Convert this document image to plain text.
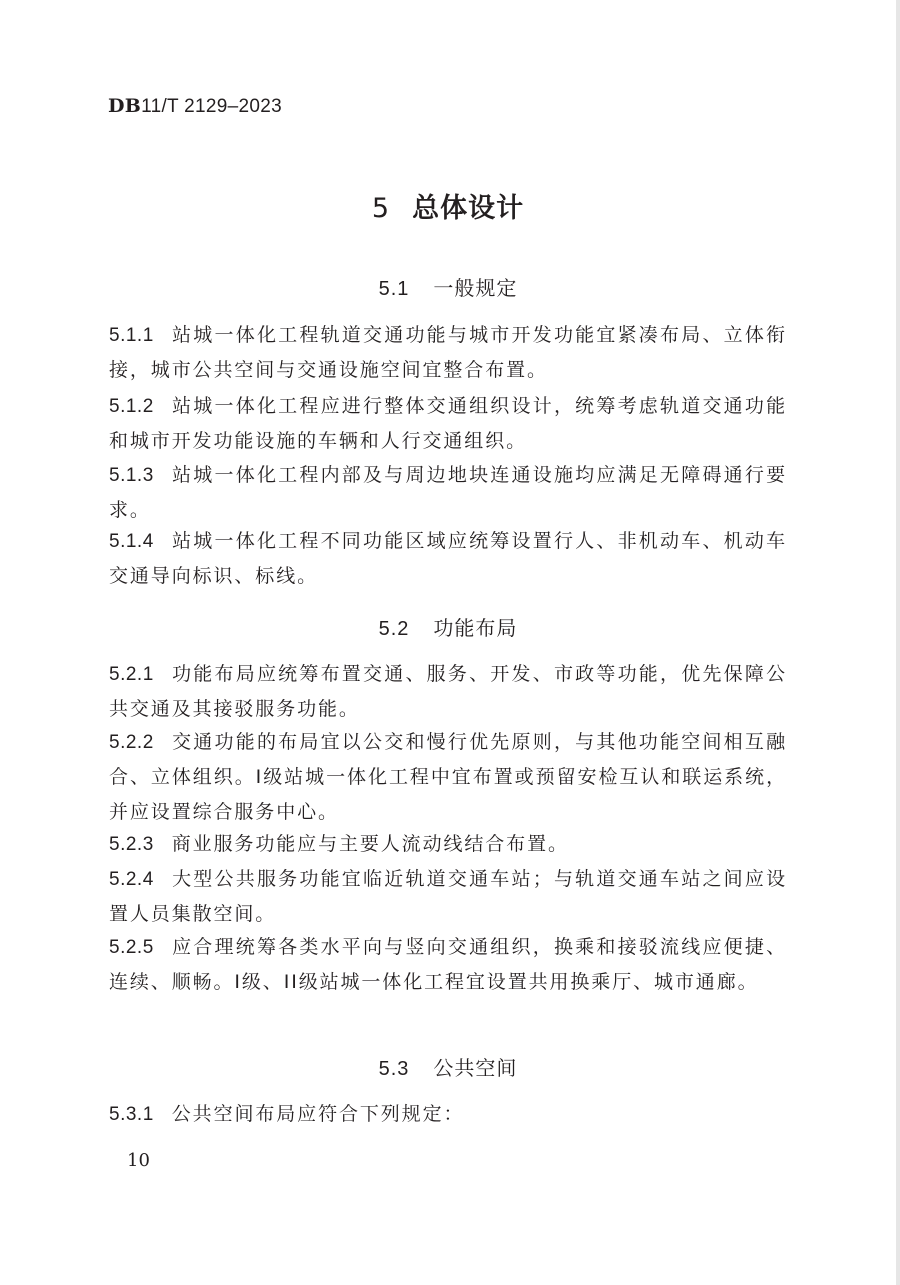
DB11/T 2129–2023
5 总体设计
5.1 一般规定
5.1.1 站城一体化工程轨道交通功能与城市开发功能宜紧凑布局、立体衔接，城市公共空间与交通设施空间宜整合布置。
5.1.2 站城一体化工程应进行整体交通组织设计，统筹考虑轨道交通功能和城市开发功能设施的车辆和人行交通组织。
5.1.3 站城一体化工程内部及与周边地块连通设施均应满足无障碍通行要求。
5.1.4 站城一体化工程不同功能区域应统筹设置行人、非机动车、机动车交通导向标识、标线。
5.2 功能布局
5.2.1 功能布局应统筹布置交通、服务、开发、市政等功能，优先保障公共交通及其接驳服务功能。
5.2.2 交通功能的布局宜以公交和慢行优先原则，与其他功能空间相互融合、立体组织。I级站城一体化工程中宜布置或预留安检互认和联运系统，并应设置综合服务中心。
5.2.3 商业服务功能应与主要人流动线结合布置。
5.2.4 大型公共服务功能宜临近轨道交通车站；与轨道交通车站之间应设置人员集散空间。
5.2.5 应合理统筹各类水平向与竖向交通组织，换乘和接驳流线应便捷、连续、顺畅。I级、II级站城一体化工程宜设置共用换乘厅、城市通廊。
5.3 公共空间
5.3.1 公共空间布局应符合下列规定：
10
